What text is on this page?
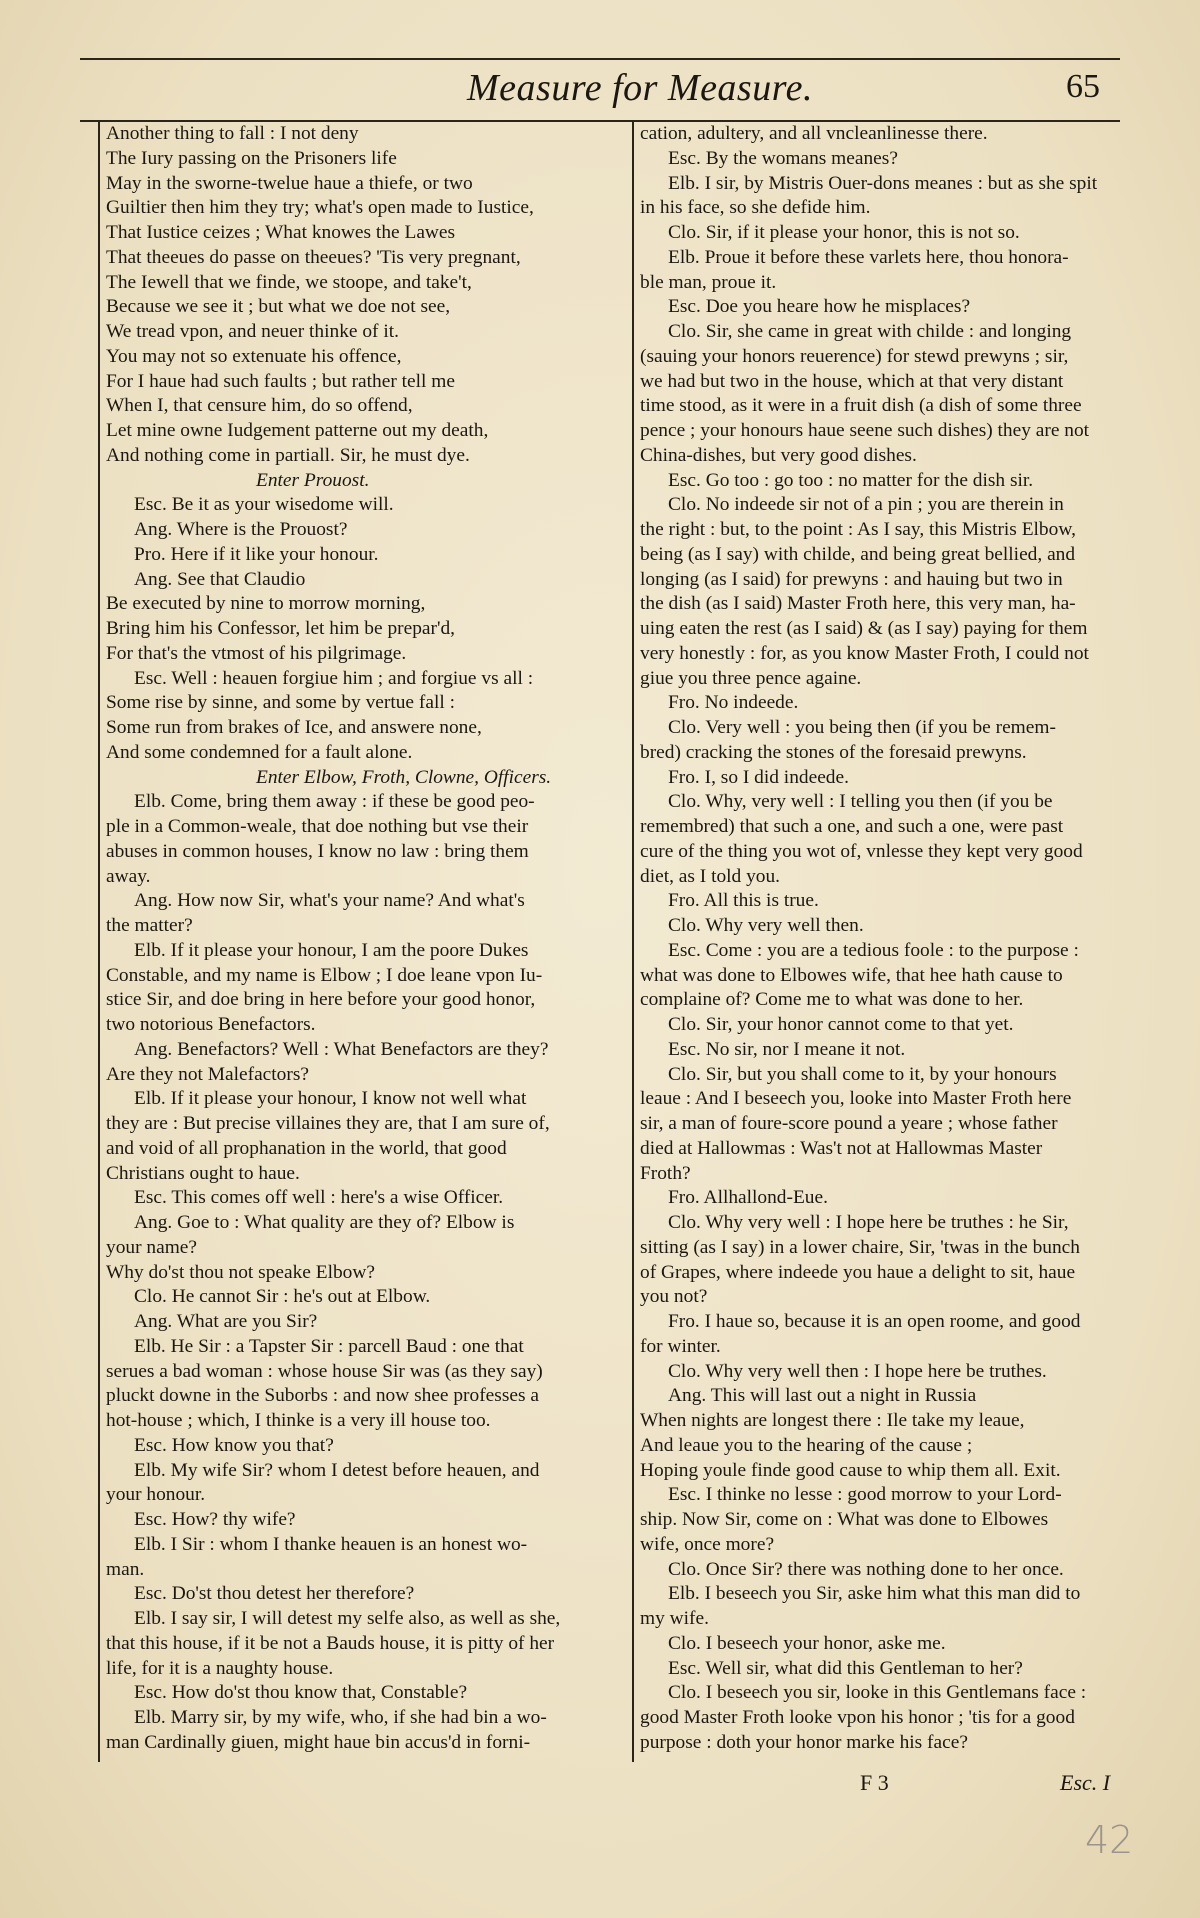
Measure for Measure.	65
Another thing to fall : I not deny
The Iury passing on the Prisoners life
May in the sworne-twelue haue a thiefe, or two
Guiltier then him they try; what's open made to Iustice,
That Iustice ceizes ; What knowes the Lawes
That theeues do passe on theeues? 'Tis very pregnant,
The Iewell that we finde, we stoope, and take't,
Because we see it ; but what we doe not see,
We tread vpon, and neuer thinke of it.
You may not so extenuate his offence,
For I haue had such faults ; but rather tell me
When I, that censure him, do so offend,
Let mine owne Iudgement patterne out my death,
And nothing come in partiall. Sir, he must dye.
Enter Prouost.
Esc. Be it as your wisedome will.
Ang. Where is the Prouost?
Pro. Here if it like your honour.
Ang. See that Claudio
Be executed by nine to morrow morning,
Bring him his Confessor, let him be prepar'd,
For that's the vtmost of his pilgrimage.
Esc. Well : heauen forgiue him ; and forgiue vs all :
Some rise by sinne, and some by vertue fall :
Some run from brakes of Ice, and answere none,
And some condemned for a fault alone.
Enter Elbow, Froth, Clowne, Officers.
Elb. Come, bring them away : if these be good peo-
ple in a Common-weale, that doe nothing but vse their
abuses in common houses, I know no law : bring them
away.
Ang. How now Sir, what's your name? And what's
the matter?
Elb. If it please your honour, I am the poore Dukes
Constable, and my name is Elbow ; I doe leane vpon Iu-
stice Sir, and doe bring in here before your good honor,
two notorious Benefactors.
Ang. Benefactors? Well : What Benefactors are they?
Are they not Malefactors?
Elb. If it please your honour, I know not well what
they are : But precise villaines they are, that I am sure of,
and void of all prophanation in the world, that good
Christians ought to haue.
Esc. This comes off well : here's a wise Officer.
Ang. Goe to : What quality are they of? Elbow is
your name?
Why do'st thou not speake Elbow?
Clo. He cannot Sir : he's out at Elbow.
Ang. What are you Sir?
Elb. He Sir : a Tapster Sir : parcell Baud : one that
serues a bad woman : whose house Sir was (as they say)
pluckt downe in the Suborbs : and now shee professes a
hot-house ; which, I thinke is a very ill house too.
Esc. How know you that?
Elb. My wife Sir? whom I detest before heauen, and
your honour.
Esc. How? thy wife?
Elb. I Sir : whom I thanke heauen is an honest wo-
man.
Esc. Do'st thou detest her therefore?
Elb. I say sir, I will detest my selfe also, as well as she,
that this house, if it be not a Bauds house, it is pitty of her
life, for it is a naughty house.
Esc. How do'st thou know that, Constable?
Elb. Marry sir, by my wife, who, if she had bin a wo-
man Cardinally giuen, might haue bin accus'd in forni-
cation, adultery, and all vncleanlinesse there.
Esc. By the womans meanes?
Elb. I sir, by Mistris Ouer-dons meanes : but as she spit
in his face, so she defide him.
Clo. Sir, if it please your honor, this is not so.
Elb. Proue it before these varlets here, thou honora-
ble man, proue it.
Esc. Doe you heare how he misplaces?
Clo. Sir, she came in great with childe : and longing
(sauing your honors reuerence) for stewd prewyns ; sir,
we had but two in the house, which at that very distant
time stood, as it were in a fruit dish (a dish of some three
pence ; your honours haue seene such dishes) they are not
China-dishes, but very good dishes.
Esc. Go too : go too : no matter for the dish sir.
Clo. No indeede sir not of a pin ; you are therein in
the right : but, to the point : As I say, this Mistris Elbow,
being (as I say) with childe, and being great bellied, and
longing (as I said) for prewyns : and hauing but two in
the dish (as I said) Master Froth here, this very man, ha-
uing eaten the rest (as I said) & (as I say) paying for them
very honestly : for, as you know Master Froth, I could not
giue you three pence againe.
Fro. No indeede.
Clo. Very well : you being then (if you be remem-
bred) cracking the stones of the foresaid prewyns.
Fro. I, so I did indeede.
Clo. Why, very well : I telling you then (if you be
remembred) that such a one, and such a one, were past
cure of the thing you wot of, vnlesse they kept very good
diet, as I told you.
Fro. All this is true.
Clo. Why very well then.
Esc. Come : you are a tedious foole : to the purpose :
what was done to Elbowes wife, that hee hath cause to
complaine of? Come me to what was done to her.
Clo. Sir, your honor cannot come to that yet.
Esc. No sir, nor I meane it not.
Clo. Sir, but you shall come to it, by your honours
leaue : And I beseech you, looke into Master Froth here
sir, a man of foure-score pound a yeare ; whose father
died at Hallowmas : Was't not at Hallowmas Master
Froth?
Fro. Allhallond-Eue.
Clo. Why very well : I hope here be truthes : he Sir,
sitting (as I say) in a lower chaire, Sir, 'twas in the bunch
of Grapes, where indeede you haue a delight to sit, haue
you not?
Fro. I haue so, because it is an open roome, and good
for winter.
Clo. Why very well then : I hope here be truthes.
Ang. This will last out a night in Russia
When nights are longest there : Ile take my leaue,
And leaue you to the hearing of the cause ;
Hoping youle finde good cause to whip them all. Exit.
Esc. I thinke no lesse : good morrow to your Lord-
ship. Now Sir, come on : What was done to Elbowes
wife, once more?
Clo. Once Sir? there was nothing done to her once.
Elb. I beseech you Sir, aske him what this man did to
my wife.
Clo. I beseech your honor, aske me.
Esc. Well sir, what did this Gentleman to her?
Clo. I beseech you sir, looke in this Gentlemans face :
good Master Froth looke vpon his honor ; 'tis for a good
purpose : doth your honor marke his face?
F 3	Esc. I
42
